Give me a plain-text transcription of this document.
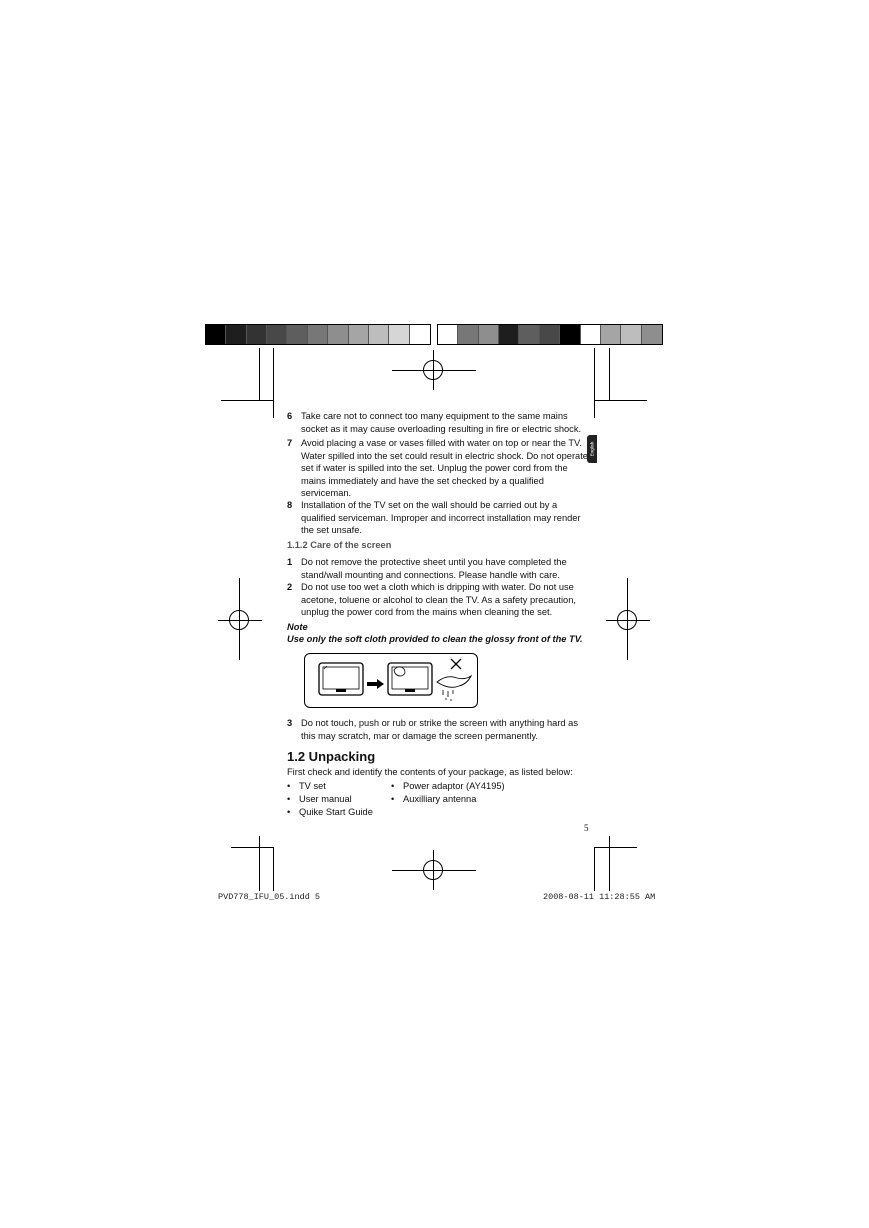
English
6 Take care not to connect too many equipment to the same mains socket as it may cause overloading resulting in fire or electric shock.
7 Avoid placing a vase or vases filled with water on top or near the TV. Water spilled into the set could result in electric shock. Do not operate set if water is spilled into the set. Unplug the power cord from the mains immediately and have the set checked by a qualified serviceman.
8 Installation of the TV set on the wall should be carried out by a qualified serviceman. Improper and incorrect installation may render the set unsafe.
1.1.2 Care of the screen
1 Do not remove the protective sheet until you have completed the stand/wall mounting and connections. Please handle with care.
2 Do not use too wet a cloth which is dripping with water. Do not use acetone, toluene or alcohol to clean the TV. As a safety precaution, unplug the power cord from the mains when cleaning the set.
Note
Use only the soft cloth provided to clean the glossy front of the TV.
3 Do not touch, push or rub or strike the screen with anything hard as this may scratch, mar or damage the screen permanently.
1.2 Unpacking
First check and identify the contents of your package, as listed below:
• TV set
• User manual
• Quike Start Guide
• Power adaptor (AY4195)
• Auxilliary antenna
5
PVD778_IFU_05.indd 5	2008-08-11 11:28:55 AM
